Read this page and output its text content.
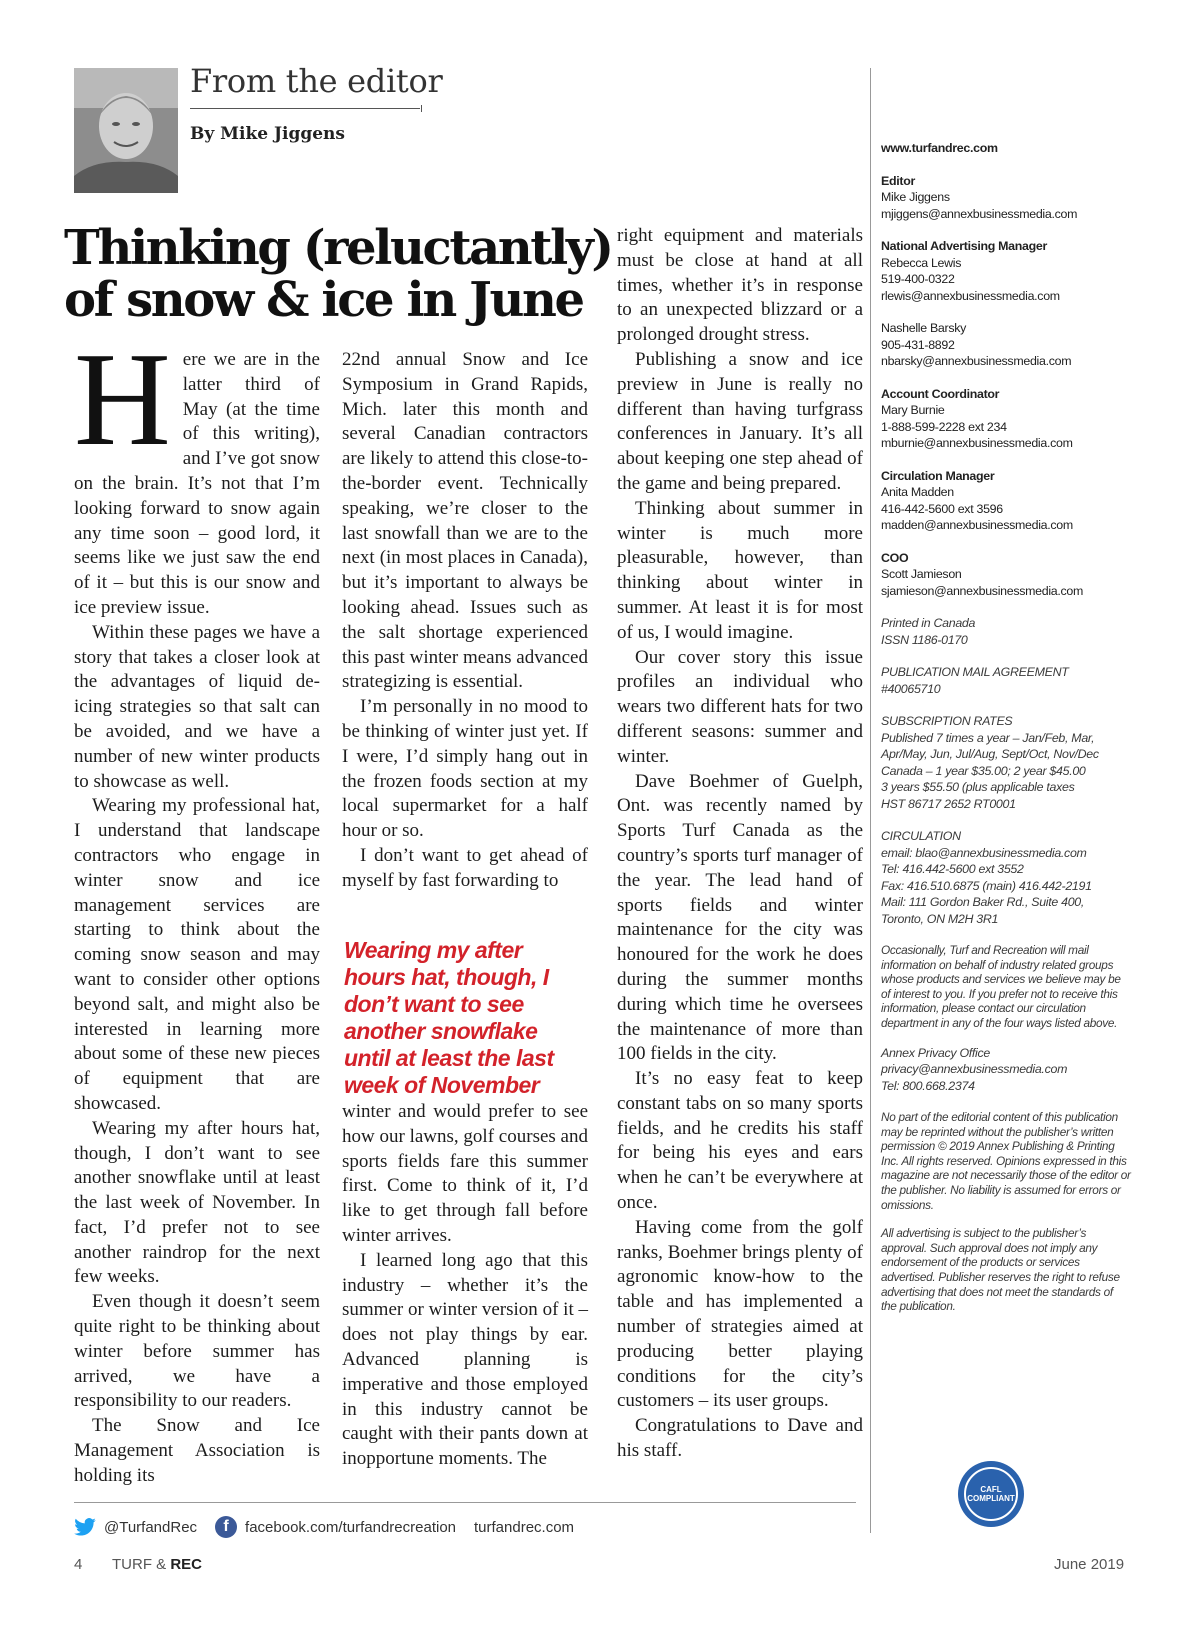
From the editor
By Mike Jiggens
Thinking (reluctantly) of snow & ice in June

Here we are in the latter third of May (at the time of this writing), and I’ve got snow on the brain. It’s not that I’m looking forward to snow again any time soon – good lord, it seems like we just saw the end of it – but this is our snow and ice preview issue.

Within these pages we have a story that takes a closer look at the advantages of liquid de-icing strategies so that salt can be avoided, and we have a number of new winter products to showcase as well.

Wearing my professional hat, I understand that landscape contractors who engage in winter snow and ice management services are starting to think about the coming snow season and may want to consider other options beyond salt, and might also be interested in learning more about some of these new pieces of equipment that are showcased.

Wearing my after hours hat, though, I don’t want to see another snowflake until at least the last week of November. In fact, I’d prefer not to see another raindrop for the next few weeks.

Even though it doesn’t seem quite right to be thinking about winter before summer has arrived, we have a responsibility to our readers.

The Snow and Ice Management Association is holding its

22nd annual Snow and Ice Symposium in Grand Rapids, Mich. later this month and several Canadian contractors are likely to attend this close-to-the-border event. Technically speaking, we’re closer to the last snowfall than we are to the next (in most places in Canada), but it’s important to always be looking ahead. Issues such as the salt shortage experienced this past winter means advanced strategizing is essential.

I’m personally in no mood to be thinking of winter just yet. If I were, I’d simply hang out in the frozen foods section at my local supermarket for a half hour or so.

I don’t want to get ahead of myself by fast forwarding to

Wearing my after hours hat, though, I don’t want to see another snowflake until at least the last week of November

winter and would prefer to see how our lawns, golf courses and sports fields fare this summer first. Come to think of it, I’d like to get through fall before winter arrives.

I learned long ago that this industry – whether it’s the summer or winter version of it – does not play things by ear. Advanced planning is imperative and those employed in this industry cannot be caught with their pants down at inopportune moments. The

right equipment and materials must be close at hand at all times, whether it’s in response to an unexpected blizzard or a prolonged drought stress.

Publishing a snow and ice preview in June is really no different than having turfgrass conferences in January. It’s all about keeping one step ahead of the game and being prepared.

Thinking about summer in winter is much more pleasurable, however, than thinking about winter in summer. At least it is for most of us, I would imagine.

Our cover story this issue profiles an individual who wears two different hats for two different seasons: summer and winter.

Dave Boehmer of Guelph, Ont. was recently named by Sports Turf Canada as the country’s sports turf manager of the year. The lead hand of sports fields and winter maintenance for the city was honoured for the work he does during the summer months during which time he oversees the maintenance of more than 100 fields in the city.

It’s no easy feat to keep constant tabs on so many sports fields, and he credits his staff for being his eyes and ears when he can’t be everywhere at once.

Having come from the golf ranks, Boehmer brings plenty of agronomic know-how to the table and has implemented a number of strategies aimed at producing better playing conditions for the city’s customers – its user groups.

Congratulations to Dave and his staff.

www.turfandrec.com
Editor
Mike Jiggens
mjiggens@annexbusinessmedia.com
National Advertising Manager
Rebecca Lewis
519-400-0322
rlewis@annexbusinessmedia.com
Nashelle Barsky
905-431-8892
nbarsky@annexbusinessmedia.com
Account Coordinator
Mary Burnie
1-888-599-2228 ext 234
mburnie@annexbusinessmedia.com
Circulation Manager
Anita Madden
416-442-5600 ext 3596
madden@annexbusinessmedia.com
COO
Scott Jamieson
sjamieson@annexbusinessmedia.com
Printed in Canada
ISSN 1186-0170
PUBLICATION MAIL AGREEMENT
#40065710
SUBSCRIPTION RATES
Published 7 times a year – Jan/Feb, Mar,
Apr/May, Jun, Jul/Aug, Sept/Oct, Nov/Dec
Canada – 1 year $35.00; 2 year $45.00
3 years $55.50 (plus applicable taxes
HST 86717 2652 RT0001
CIRCULATION
email: blao@annexbusinessmedia.com
Tel: 416.442-5600 ext 3552
Fax: 416.510.6875 (main) 416.442-2191
Mail: 111 Gordon Baker Rd., Suite 400,
Toronto, ON M2H 3R1
Occasionally, Turf and Recreation will mail information on behalf of industry related groups whose products and services we believe may be of interest to you. If you prefer not to receive this information, please contact our circulation department in any of the four ways listed above.
Annex Privacy Office
privacy@annexbusinessmedia.com
Tel: 800.668.2374
No part of the editorial content of this publication may be reprinted without the publisher’s written permission © 2019 Annex Publishing & Printing Inc. All rights reserved. Opinions expressed in this magazine are not necessarily those of the editor or the publisher. No liability is assumed for errors or omissions.
All advertising is subject to the publisher’s approval. Such approval does not imply any endorsement of the products or services advertised. Publisher reserves the right to refuse advertising that does not meet the standards of the publication.
CAFL COMPLIANT
@TurfandRec	f	facebook.com/turfandrecreation turfandrec.com
4 TURF & REC	June 2019
